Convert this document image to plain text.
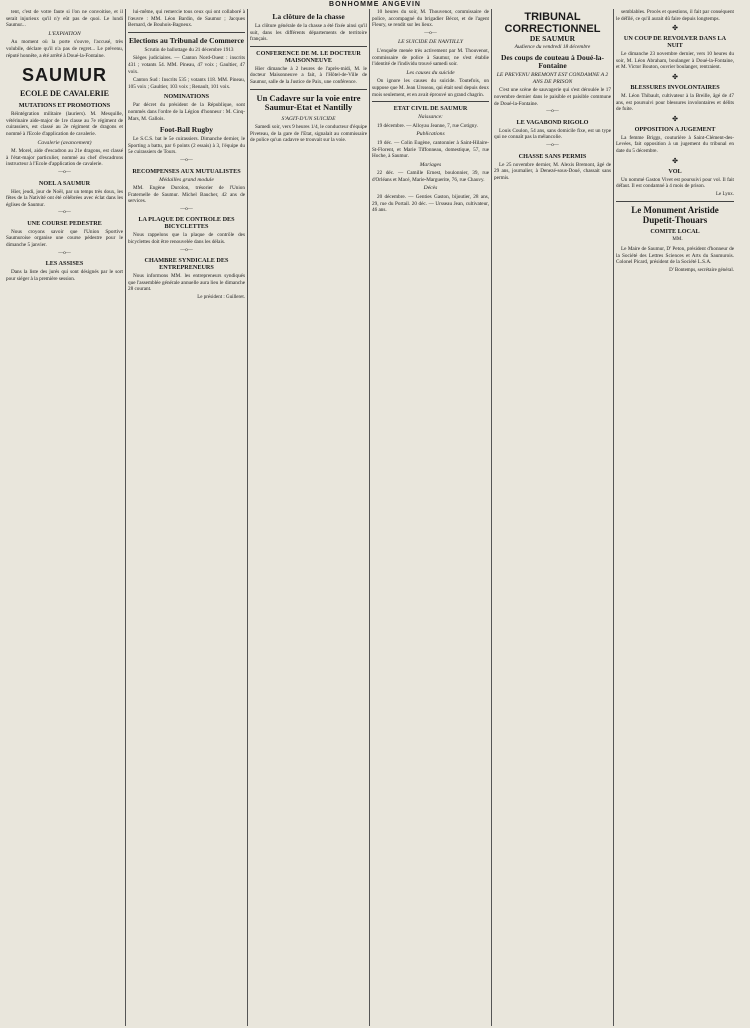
BONHOMME ANGEVIN

tent, c'est de votre faute si l'on ne convoitise, et il serait injurieux qu'il n'y eût pas de quoi. Le lundi Saumur...

L'EXPIATION

Au moment où la porte s'ouvre, l'accusé, très volubile, déclare qu'il n'a pas de regret... Le prévenu, réputé honnête, a été arrêté à Doué-la-Fontaine.

SAUMUR
ECOLE DE CAVALERIE
MUTATIONS ET PROMOTIONS

Réintégration militaire (lauriers). M. Mesquille, vétérinaire aide-major de 1re classe au 7e régiment de cuirassiers, est classé au 2e régiment de dragons et nommé à l'Ecole d'application de cavalerie.

Cavalerie (avancement)

M. Morel, aide d'escadron au 21e dragons, est classé à l'état-major particulier, nommé au chef d'escadrons instructeur à l'Ecole d'application de cavalerie.

—o—
NOEL A SAUMUR

Hier, jeudi, jour de Noël, par un temps très doux, les fêtes de la Nativité ont été célébrées avec éclat dans les églises de Saumur.

—o—
UNE COURSE PEDESTRE

Nous croyons savoir que l'Union Sportive Saumuroise organise une course pédestre pour le dimanche 5 janvier.

—o—
LES ASSISES

Dans la liste des jurés qui sont désignés par le sort pour siéger à la première session.

lui-même, qui remercie tous ceux qui ont collaboré à l'œuvre : MM. Léon Bardin, de Saumur ; Jacques Bernard, de Bouhois-Bagneux.

Elections au Tribunal de Commerce

Scrutin de ballottage du 21 décembre 1913

Sièges judiciaires. — Canton Nord-Ouest : inscrits 431 ; votants 54. MM. Pineau, 47 voix ; Gaultier, 47 voix.

Canton Sud : Inscrits 535 ; votants 118. MM. Pineau, 105 voix ; Gaultier, 103 voix ; Renault, 101 voix.

NOMINATIONS

Par décret du président de la République, sont nommés dans l'ordre de la Légion d'honneur : M. Cinq-Mars, M. Gallois.

Foot-Ball Rugby

Le S.C.S. bat le 5e cuirassiers. Dimanche dernier, le Sporting a battu, par 6 points (2 essais) à 3, l'équipe du 5e cuirassiers de Tours.

—o—
RECOMPENSES AUX MUTUALISTES
Médailles grand module

MM. Engène Durolon, trésorier de l'Union Fraternelle de Saumur. Michel Baucher, 42 ans de services.

—o—
LA PLAQUE DE CONTROLE DES BICYCLETTES

Nous rappelons que la plaque de contrôle des bicyclettes doit être renouvelée dans les délais.

—o—
CHAMBRE SYNDICALE DES ENTREPRENEURS

Nous informons MM. les entrepreneurs syndiqués que l'assemblée générale annuelle aura lieu le dimanche 28 courant.

Le président : Guilleret.

La clôture de la chasse

La clôture générale de la chasse a été fixée ainsi qu'il suit, dans les différents départements de territoire français.

CONFERENCE DE M. LE DOCTEUR MAISONNEUVE

Hier dimanche à 2 heures de l'après-midi, M. le docteur Maisonneuve a fait, à l'Hôtel-de-Ville de Saumur, salle de la Justice de Paix, une conférence.

Un Cadavre sur la voie entre Saumur-Etat et Nantilly
S'AGIT-D'UN SUICIDE

Samedi soir, vers 9 heures 1/4, le conducteur d'équipe Piveteau, de la gare de l'Etat, signalait au commissaire de police qu'un cadavre se trouvait sur la voie.

10 heures du soir, M. Thouvenot, commissaire de police, accompagné du brigadier Bécot, et de l'agent Fleury, se rendit sur les lieux.

—o—
LE SUICIDE DE NANTILLY

L'enquête menée très activement par M. Thouvenot, commissaire de police à Saumur, ne s'est établie l'identité de l'individu trouvé samedi soir.

Les causes du suicide

On ignore les causes du suicide. Toutefois, on suppose que M. Jean Ursseau, qui était seul depuis deux mois seulement, et en avait éprouvé un grand chagrin.

ETAT CIVIL DE SAUMUR
Naissance:

19 décembre. — Alloyau Jeanne, 7, rue Cotigny.

Publications

19 déc. — Colin Eugène, cantonnier à Saint-Hilaire-St-Florent, et Marie Tiffonneau, domestique, 57, rue Hoche, à Saumur.

Mariages

22 déc. — Camille Ernest, boulonnier, 39, rue d'Orléans et Macé, Marie-Marguerite, 76, rue Chauvy.

Décès

20 décembre. — Genties Gaston, bijoutier, 28 ans, 29, rue du Portail. 20 déc. — Ursseau Jean, cultivateur, 46 ans.

TRIBUNAL CORRECTIONNEL
DE SAUMUR
Audience du vendredi 18 décembre
Des coups de couteau à Doué-la-Fontaine
LE PREVENU BREMONT EST CONDAMNE A 2 ANS DE PRISON

C'est une scène de sauvagerie qui s'est déroulée le 17 novembre dernier dans le paisible et paisible commune de Doué-la-Fontaine.

—o—
LE VAGABOND RIGOLO

Louis Coulon, 54 ans, sans domicile fixe, est un type qui ne connaît pas la mélancolie.

—o—
CHASSE SANS PERMIS

Le 25 novembre dernier, M. Alexis Bremont, âgé de 29 ans, journalier, à Denezé-sous-Doué, chassait sans permis.

semblables. Procès et questions, il fait par conséquent le défilé, ce qu'il aurait dû faire depuis longtemps.

✤
UN COUP DE REVOLVER DANS LA NUIT

Le dimanche 23 novembre dernier, vers 10 heures du soir, M. Léon Abraham, boulanger à Doué-la-Fontaine, et M. Victor Bouton, ouvrier boulanger, rentraient.

✤
BLESSURES INVOLONTAIRES

M. Léon Thibault, cultivateur à la Breille, âgé de 47 ans, est poursuivi pour blessures involontaires et délits de fuite.

✤
OPPOSITION A JUGEMENT

La femme Briggs, couturière à Saint-Clément-des-Levées, fait opposition à un jugement du tribunal en date du 5 décembre.

✤
VOL

Un nommé Gaston Vivet est poursuivi pour vol. Il fait défaut. Il est condamné à 4 mois de prison.

Le Lynx.

Le Monument Aristide Dupetit-Thouars
COMITE LOCAL

MM.

Le Maire de Saumur, D' Peton, président d'honneur de la Société des Lettres Sciences et Arts du Saumurois. Colonel Picard, président de la Société L.S.A.

D' Bontemps, secrétaire général.
